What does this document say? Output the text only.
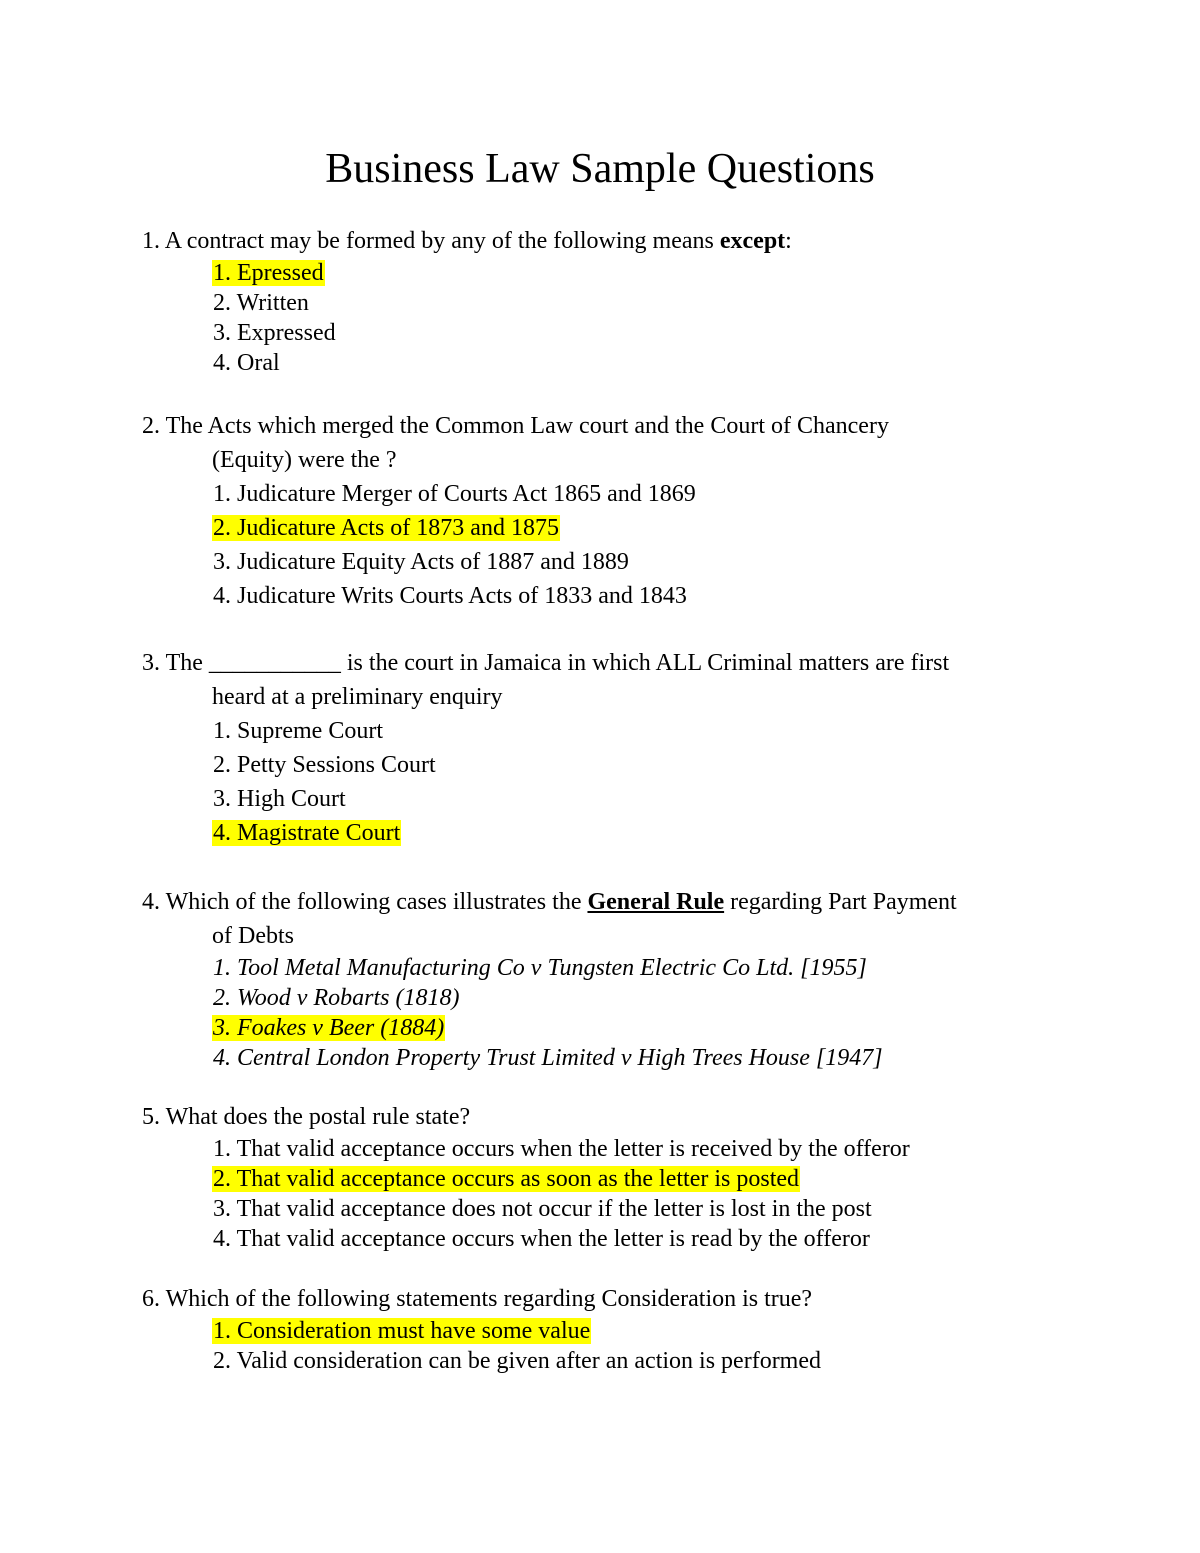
Business Law Sample Questions
1. A contract may be formed by any of the following means except:
1. Epressed
2. Written
3. Expressed
4. Oral
2. The Acts which merged the Common Law court and the Court of Chancery
(Equity) were the ?
1. Judicature Merger of Courts Act 1865 and 1869
2. Judicature Acts of 1873 and 1875
3. Judicature Equity Acts of 1887 and 1889
4. Judicature Writs Courts Acts of 1833 and 1843
3. The ___________ is the court in Jamaica in which ALL Criminal matters are first
heard at a preliminary enquiry
1. Supreme Court
2. Petty Sessions Court
3. High Court
4. Magistrate Court
4. Which of the following cases illustrates the General Rule regarding Part Payment
of Debts
1. Tool Metal Manufacturing Co v Tungsten Electric Co Ltd. [1955]
2. Wood v Robarts (1818)
3. Foakes v Beer (1884)
4. Central London Property Trust Limited v High Trees House [1947]
5. What does the postal rule state?
1. That valid acceptance occurs when the letter is received by the offeror
2. That valid acceptance occurs as soon as the letter is posted
3. That valid acceptance does not occur if the letter is lost in the post
4. That valid acceptance occurs when the letter is read by the offeror
6. Which of the following statements regarding Consideration is true?
1. Consideration must have some value
2. Valid consideration can be given after an action is performed
